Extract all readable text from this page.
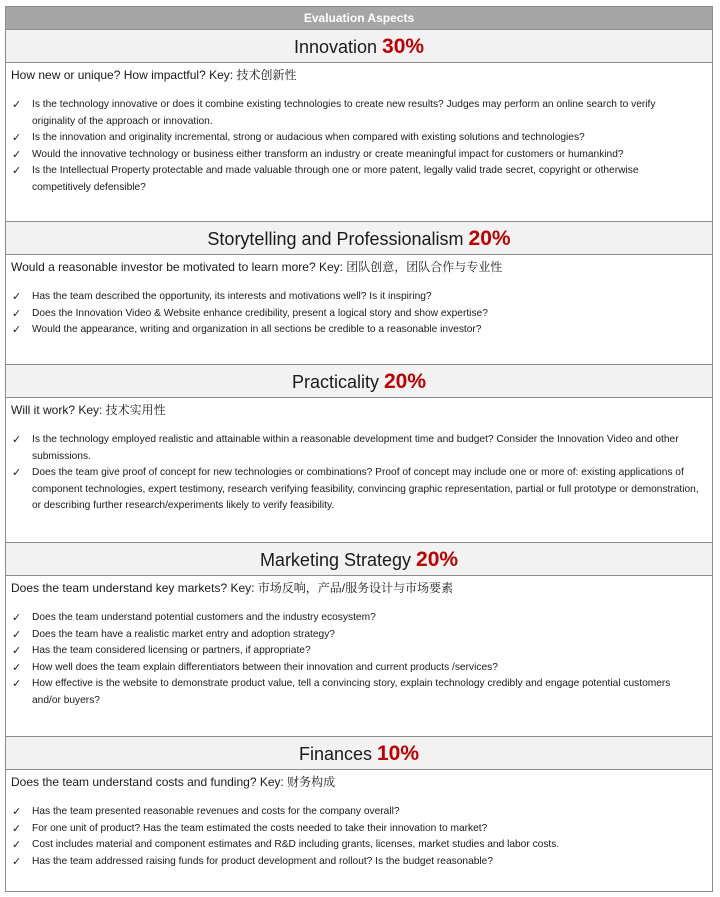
Evaluation Aspects
Innovation 30%
How new or unique? How impactful? Key: 技术创新性
✓ Is the technology innovative or does it combine existing technologies to create new results? Judges may perform an online search to verify originality of the approach or innovation.
✓ Is the innovation and originality incremental, strong or audacious when compared with existing solutions and technologies?
✓ Would the innovative technology or business either transform an industry or create meaningful impact for customers or humankind?
✓ Is the Intellectual Property protectable and made valuable through one or more patent, legally valid trade secret, copyright or otherwise competitively defensible?
Storytelling and Professionalism 20%
Would a reasonable investor be motivated to learn more? Key: 团队创意，团队合作与专业性
✓ Has the team described the opportunity, its interests and motivations well? Is it inspiring?
✓ Does the Innovation Video & Website enhance credibility, present a logical story and show expertise?
✓ Would the appearance, writing and organization in all sections be credible to a reasonable investor?
Practicality 20%
Will it work? Key: 技术实用性
✓ Is the technology employed realistic and attainable within a reasonable development time and budget? Consider the Innovation Video and other submissions.
✓ Does the team give proof of concept for new technologies or combinations? Proof of concept may include one or more of: existing applications of component technologies, expert testimony, research verifying feasibility, convincing graphic representation, partial or full prototype or demonstration, or describing further research/experiments likely to verify feasibility.
Marketing Strategy 20%
Does the team understand key markets? Key: 市场反响，产品/服务设计与市场要素
✓ Does the team understand potential customers and the industry ecosystem?
✓ Does the team have a realistic market entry and adoption strategy?
✓ Has the team considered licensing or partners, if appropriate?
✓ How well does the team explain differentiators between their innovation and current products /services?
✓ How effective is the website to demonstrate product value, tell a convincing story, explain technology credibly and engage potential customers and/or buyers?
Finances 10%
Does the team understand costs and funding? Key: 财务构成
✓ Has the team presented reasonable revenues and costs for the company overall?
✓ For one unit of product? Has the team estimated the costs needed to take their innovation to market?
✓ Cost includes material and component estimates and R&D including grants, licenses, market studies and labor costs.
✓ Has the team addressed raising funds for product development and rollout? Is the budget reasonable?
